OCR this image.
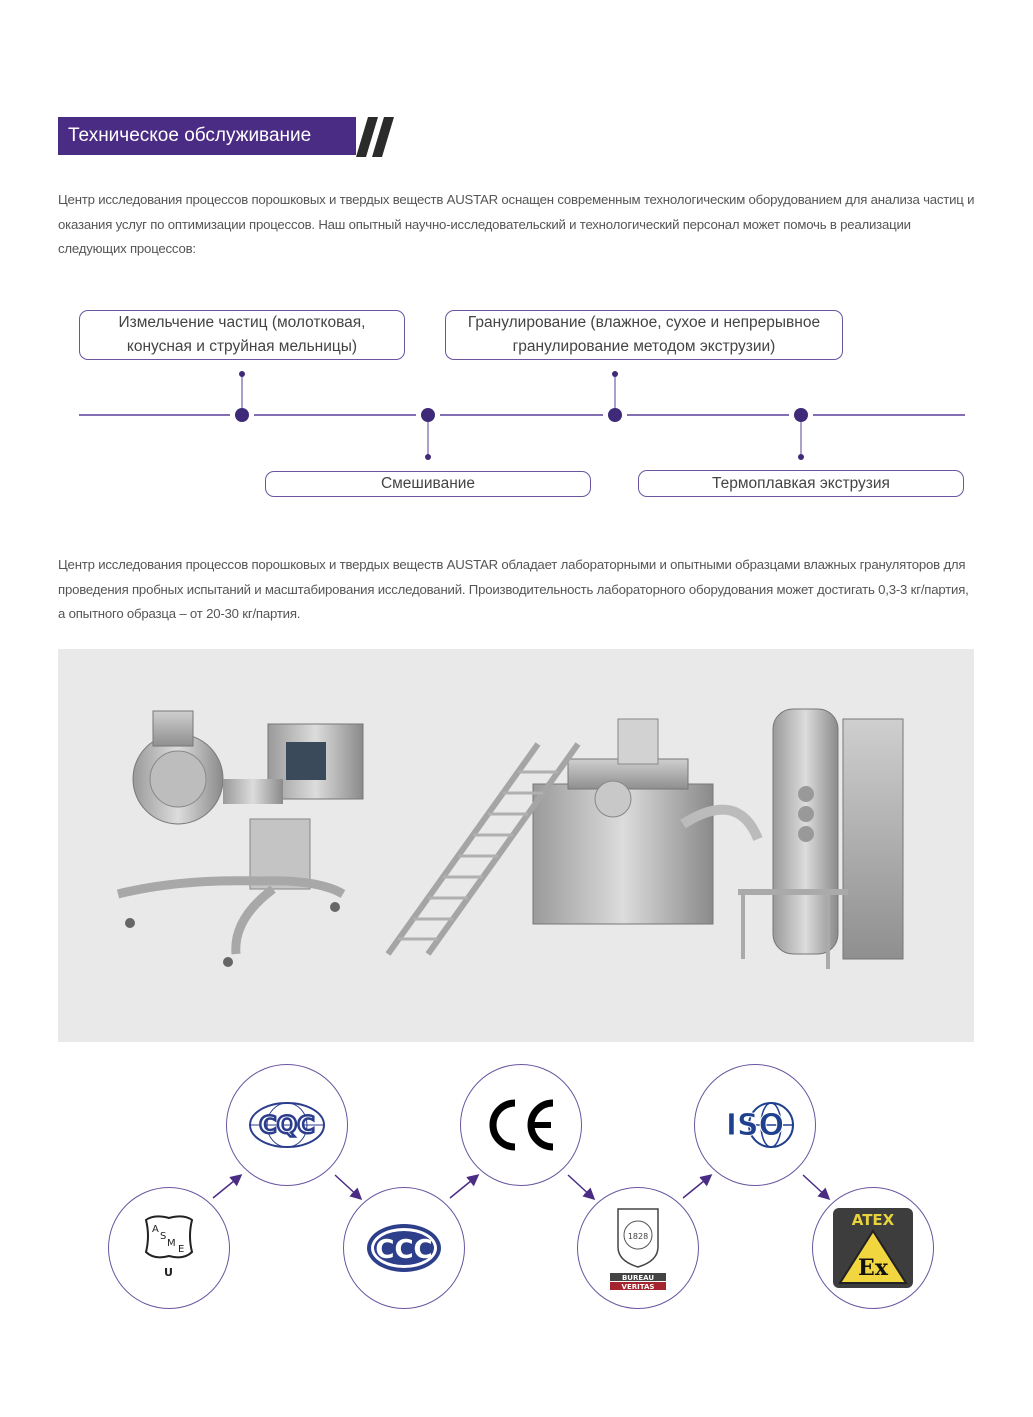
Техническое обслуживание

Центр исследования процессов порошковых и твердых веществ AUSTAR оснащен современным технологическим оборудованием для анализа частиц и оказания услуг по оптимизации процессов. Наш опытный научно-исследовательский и технологический персонал может помочь в реализации следующих процессов:

Измельчение частиц (молотковая,
конусная и струйная мельницы)
Гранулирование (влажное, сухое и непрерывное
гранулирование методом экструзии)
Смешивание	Термоплавкая экструзия

Центр исследования процессов порошковых и твердых веществ AUSTAR обладает лабораторными и опытными образцами влажных грануляторов для проведения пробных испытаний и масштабирования исследований. Производительность лабораторного оборудования может достигать 0,3-3 кг/партия, а опытного образца – от 20-30 кг/партия.

A
S
M
E
U
CQC
CCC	1828
BUREAU
VERITAS
ISO
ATEX
Ex
